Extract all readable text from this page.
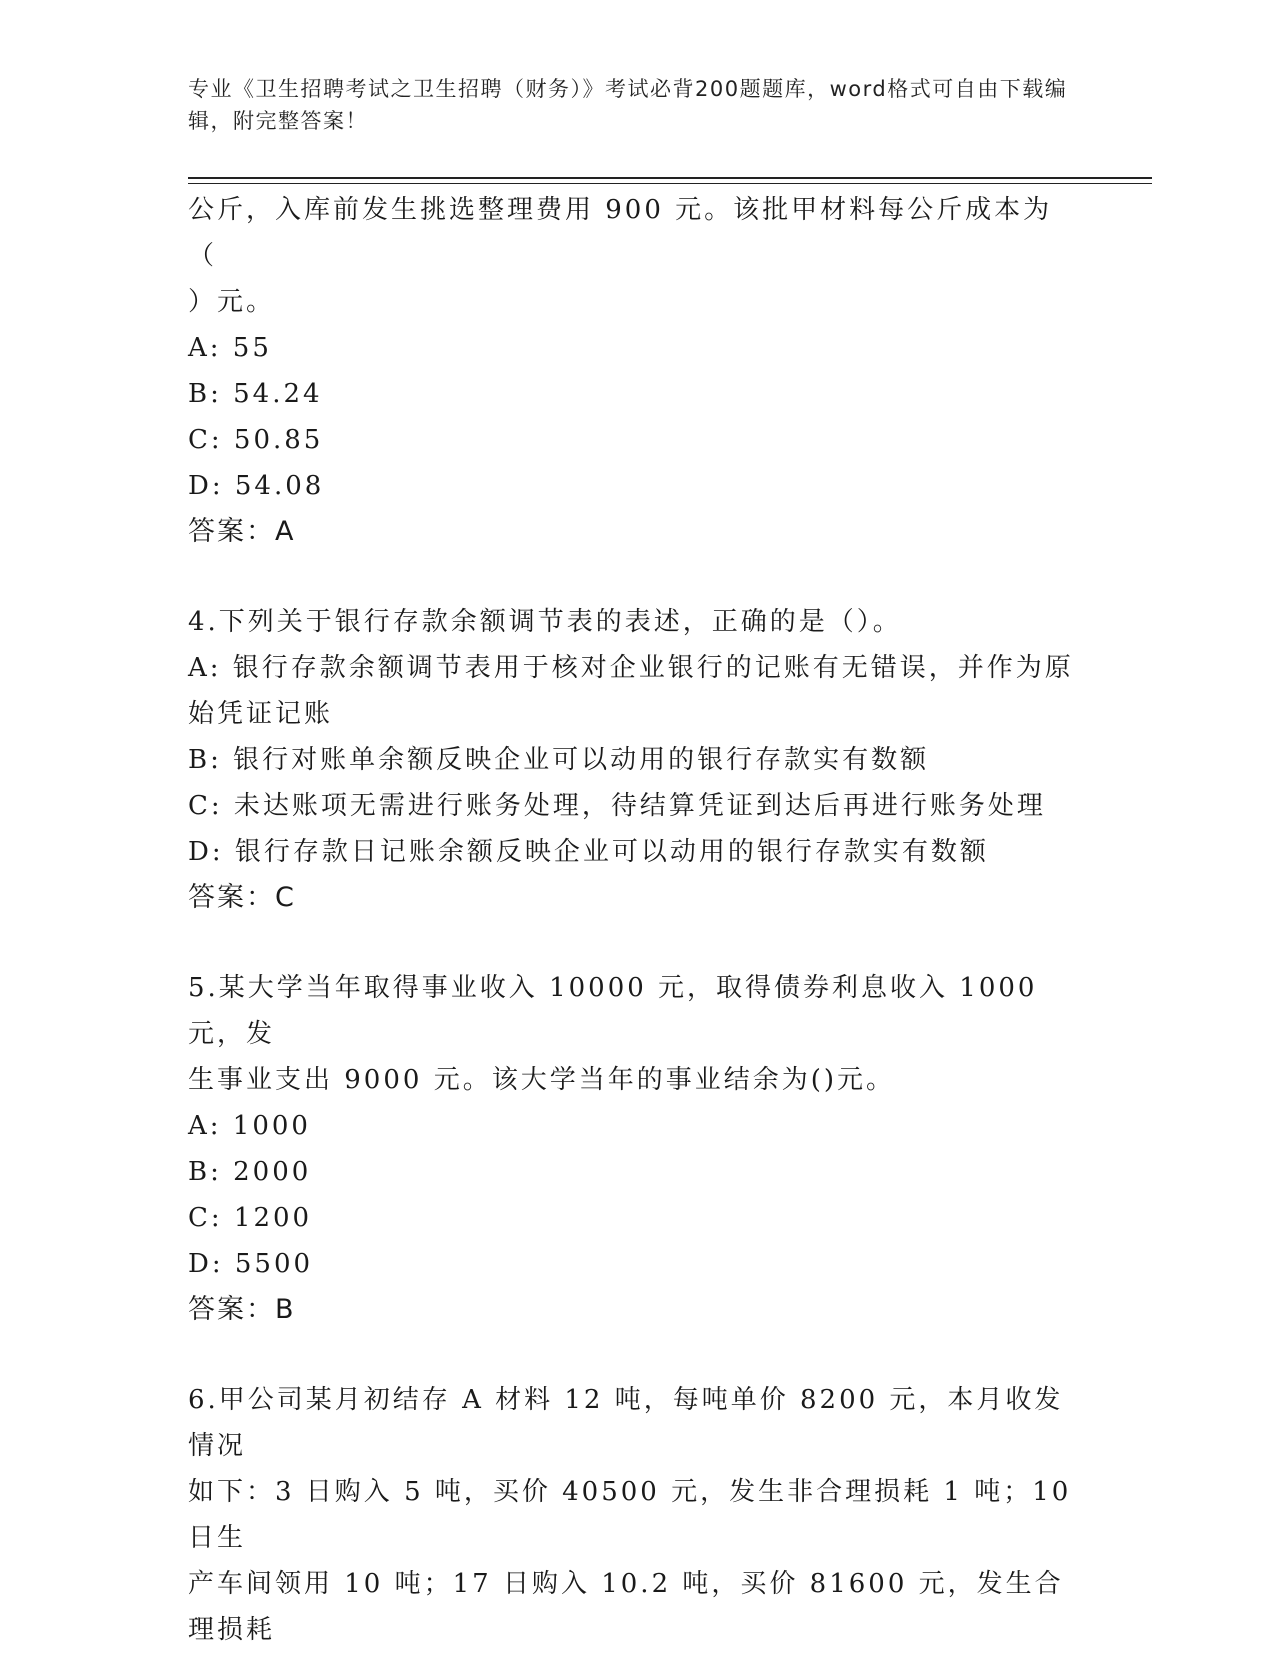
专业《卫生招聘考试之卫生招聘（财务）》考试必背200题题库，word格式可自由下载编辑，附完整答案！

公斤，入库前发生挑选整理费用 900 元。该批甲材料每公斤成本为（

）元。

A: 55

B: 54.24

C: 50.85

D: 54.08

答案：A

4.下列关于银行存款余额调节表的表述，正确的是（）。

A: 银行存款余额调节表用于核对企业银行的记账有无错误，并作为原

始凭证记账

B: 银行对账单余额反映企业可以动用的银行存款实有数额

C: 未达账项无需进行账务处理，待结算凭证到达后再进行账务处理

D: 银行存款日记账余额反映企业可以动用的银行存款实有数额

答案：C

5.某大学当年取得事业收入 10000 元，取得债券利息收入 1000 元，发

生事业支出 9000 元。该大学当年的事业结余为()元。

A: 1000

B: 2000

C: 1200

D: 5500

答案：B

6.甲公司某月初结存 A 材料 12 吨，每吨单价 8200 元，本月收发情况

如下：3 日购入 5 吨，买价 40500 元，发生非合理损耗 1 吨；10 日生

产车间领用 10 吨；17 日购入 10.2 吨，买价 81600 元，发生合理损耗
